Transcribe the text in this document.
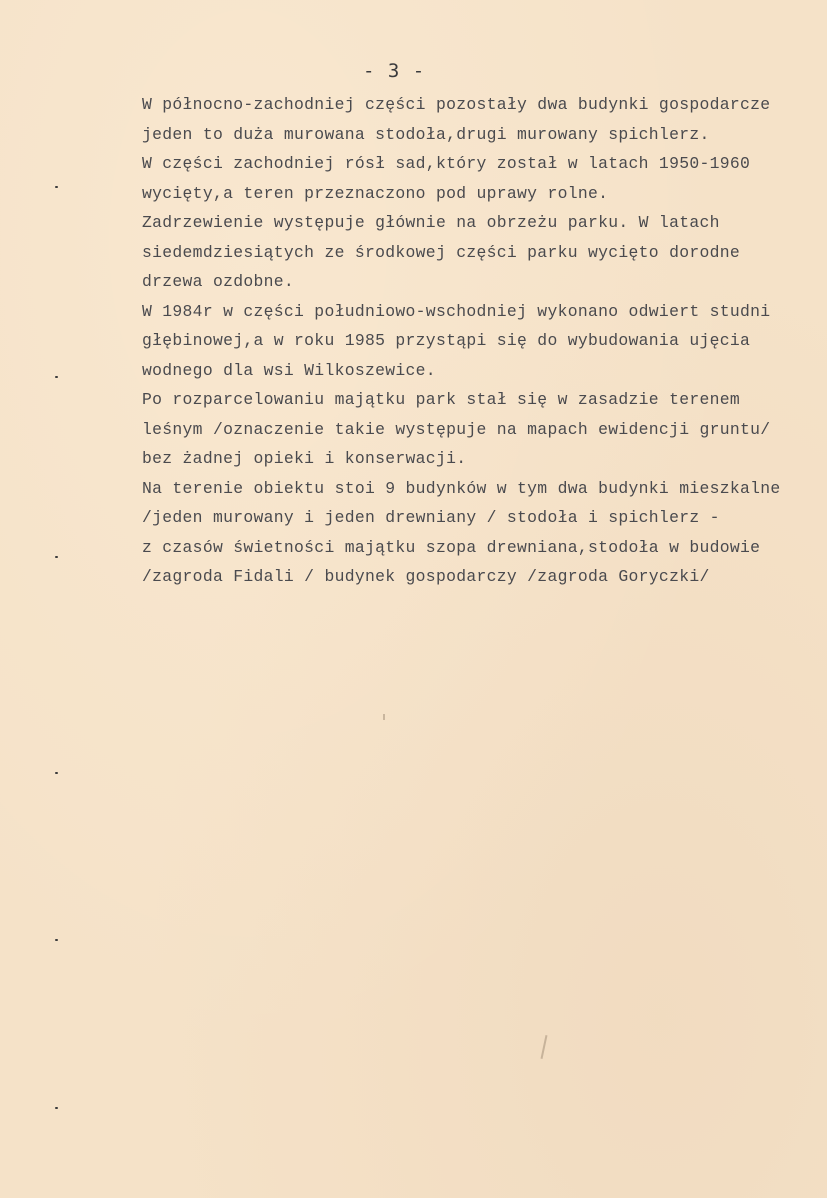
- 3 -
W północno-zachodniej części pozostały dwa budynki gospodarcze
jeden to duża murowana stodoła,drugi murowany spichlerz.
W części zachodniej rósł sad,który został w latach 1950-1960
wycięty,a teren przeznaczono pod uprawy rolne.
Zadrzewienie występuje głównie na obrzeżu parku. W latach
siedemdziesiątych ze środkowej części parku wycięto dorodne
drzewa ozdobne.
W 1984r w części południowo-wschodniej wykonano odwiert studni
głębinowej,a w roku 1985 przystąpi się do wybudowania ujęcia
wodnego dla wsi Wilkoszewice.
Po rozparcelowaniu majątku park stał się w zasadzie terenem
leśnym /oznaczenie takie występuje na mapach ewidencji gruntu/
bez żadnej opieki i konserwacji.
Na terenie obiektu stoi 9 budynków w tym dwa budynki mieszkalne
/jeden murowany i jeden drewniany / stodoła i spichlerz -
z czasów świetności majątku szopa drewniana,stodoła w budowie
/zagroda Fidali / budynek gospodarczy /zagroda Goryczki/
